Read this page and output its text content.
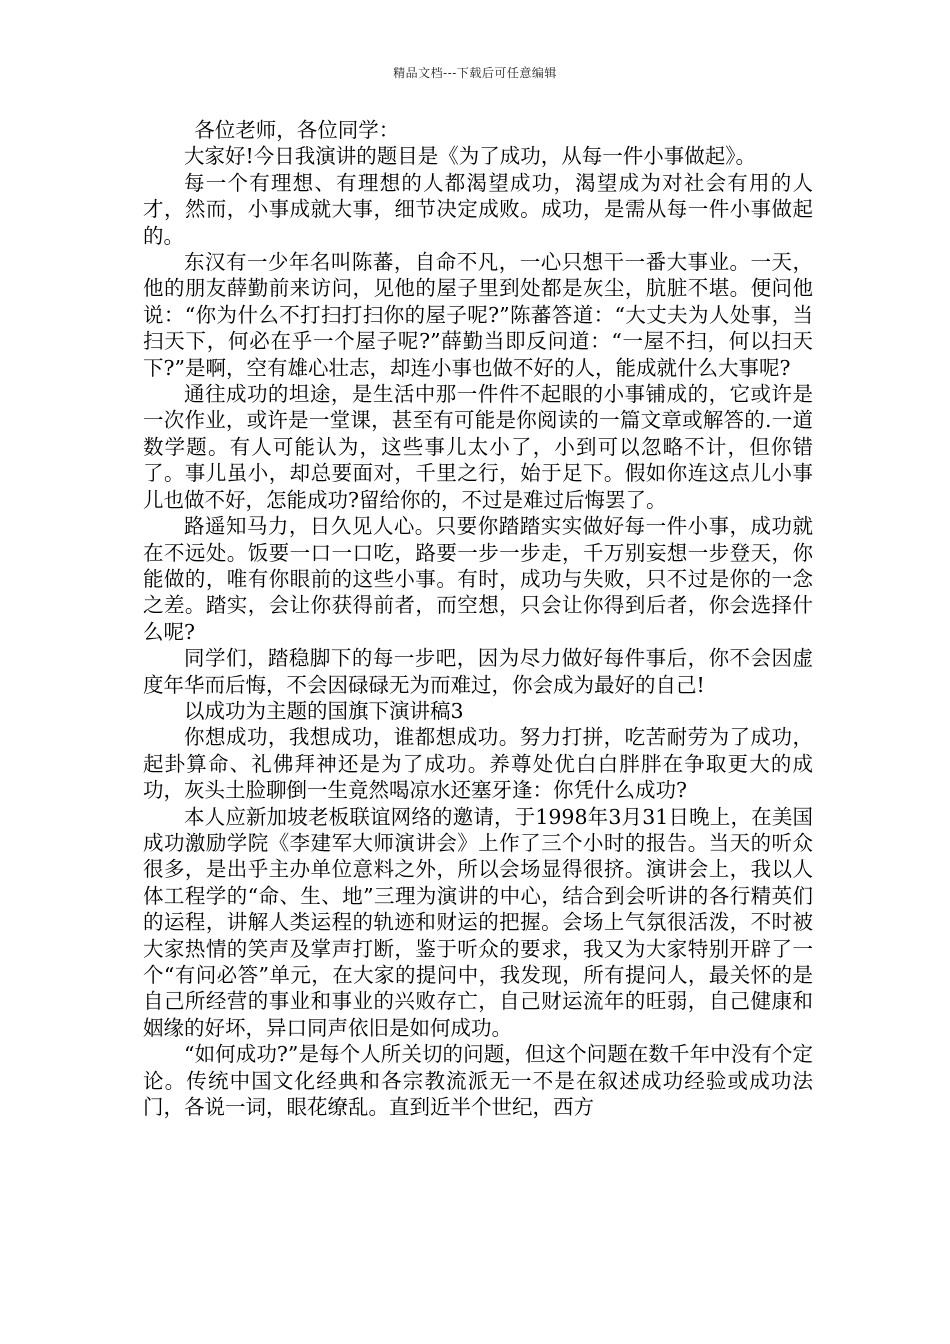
精品文档---下载后可任意编辑

各位老师，各位同学：

大家好!今日我演讲的题目是《为了成功，从每一件小事做起》。

每一个有理想、有理想的人都渴望成功，渴望成为对社会有用的人才，然而，小事成就大事，细节决定成败。成功，是需从每一件小事做起的。

东汉有一少年名叫陈蕃，自命不凡，一心只想干一番大事业。一天，他的朋友薛勤前来访问，见他的屋子里到处都是灰尘，肮脏不堪。便问他说：“你为什么不打扫打扫你的屋子呢?”陈蕃答道：“大丈夫为人处事，当扫天下，何必在乎一个屋子呢?”薛勤当即反问道：“一屋不扫，何以扫天下?”是啊，空有雄心壮志，却连小事也做不好的人，能成就什么大事呢?

通往成功的坦途，是生活中那一件件不起眼的小事铺成的，它或许是一次作业，或许是一堂课，甚至有可能是你阅读的一篇文章或解答的.一道数学题。有人可能认为，这些事儿太小了，小到可以忽略不计，但你错了。事儿虽小，却总要面对，千里之行，始于足下。假如你连这点儿小事儿也做不好，怎能成功?留给你的，不过是难过后悔罢了。

路遥知马力，日久见人心。只要你踏踏实实做好每一件小事，成功就在不远处。饭要一口一口吃，路要一步一步走，千万别妄想一步登天，你能做的，唯有你眼前的这些小事。有时，成功与失败，只不过是你的一念之差。踏实，会让你获得前者，而空想，只会让你得到后者，你会选择什么呢?

同学们，踏稳脚下的每一步吧，因为尽力做好每件事后，你不会因虚度年华而后悔，不会因碌碌无为而难过，你会成为最好的自己!

以成功为主题的国旗下演讲稿3

你想成功，我想成功，谁都想成功。努力打拼，吃苦耐劳为了成功，起卦算命、礼佛拜神还是为了成功。养尊处优白白胖胖在争取更大的成功，灰头土脸聊倒一生竟然喝凉水还塞牙逢：你凭什么成功?

本人应新加坡老板联谊网络的邀请，于1998年3月31日晚上，在美国成功激励学院《李建军大师演讲会》上作了三个小时的报告。当天的听众很多，是出乎主办单位意料之外，所以会场显得很挤。演讲会上，我以人体工程学的“命、生、地”三理为演讲的中心，结合到会听讲的各行精英们的运程，讲解人类运程的轨迹和财运的把握。会场上气氛很活泼，不时被大家热情的笑声及掌声打断，鉴于听众的要求，我又为大家特别开辟了一个“有问必答”单元，在大家的提问中，我发现，所有提问人，最关怀的是自己所经营的事业和事业的兴败存亡，自己财运流年的旺弱，自己健康和姻缘的好坏，异口同声依旧是如何成功。

“如何成功?”是每个人所关切的问题，但这个问题在数千年中没有个定论。传统中国文化经典和各宗教流派无一不是在叙述成功经验或成功法门，各说一词，眼花缭乱。直到近半个世纪，西方
